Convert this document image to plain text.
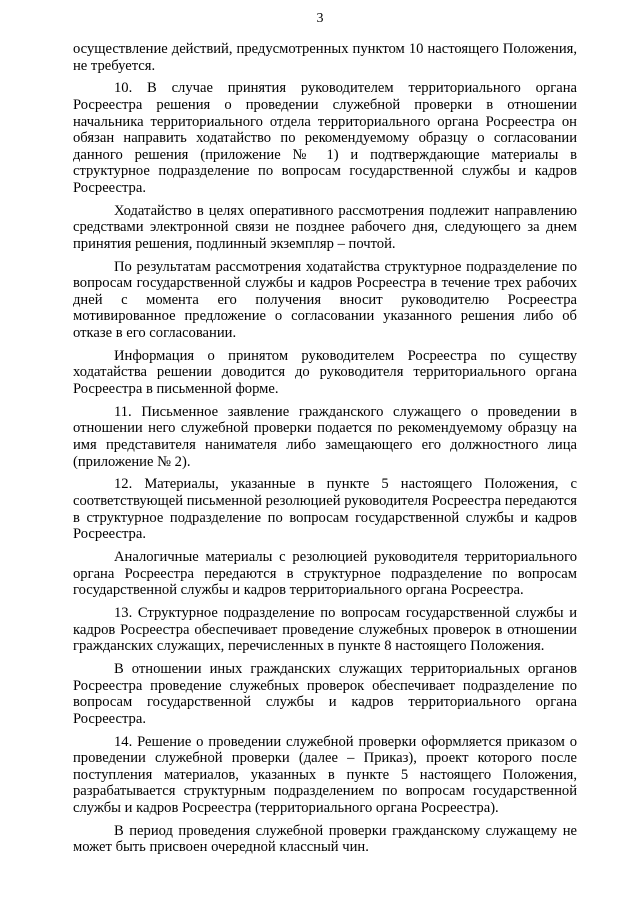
3

осуществление действий, предусмотренных пунктом 10 настоящего Положения, не требуется.

10. В случае принятия руководителем территориального органа Росреестра решения о проведении служебной проверки в отношении начальника территориального отдела территориального органа Росреестра он обязан направить ходатайство по рекомендуемому образцу о согласовании данного решения (приложение № 1) и подтверждающие материалы в структурное подразделение по вопросам государственной службы и кадров Росреестра.

Ходатайство в целях оперативного рассмотрения подлежит направлению средствами электронной связи не позднее рабочего дня, следующего за днем принятия решения, подлинный экземпляр – почтой.

По результатам рассмотрения ходатайства структурное подразделение по вопросам государственной службы и кадров Росреестра в течение трех рабочих дней с момента его получения вносит руководителю Росреестра мотивированное предложение о согласовании указанного решения либо об отказе в его согласовании.

Информация о принятом руководителем Росреестра по существу ходатайства решении доводится до руководителя территориального органа Росреестра в письменной форме.

11. Письменное заявление гражданского служащего о проведении в отношении него служебной проверки подается по рекомендуемому образцу на имя представителя нанимателя либо замещающего его должностного лица (приложение № 2).

12. Материалы, указанные в пункте 5 настоящего Положения, с соответствующей письменной резолюцией руководителя Росреестра передаются в структурное подразделение по вопросам государственной службы и кадров Росреестра.

Аналогичные материалы с резолюцией руководителя территориального органа Росреестра передаются в структурное подразделение по вопросам государственной службы и кадров территориального органа Росреестра.

13. Структурное подразделение по вопросам государственной службы и кадров Росреестра обеспечивает проведение служебных проверок в отношении гражданских служащих, перечисленных в пункте 8 настоящего Положения.

В отношении иных гражданских служащих территориальных органов Росреестра проведение служебных проверок обеспечивает подразделение по вопросам государственной службы и кадров территориального органа Росреестра.

14. Решение о проведении служебной проверки оформляется приказом о проведении служебной проверки (далее – Приказ), проект которого после поступления материалов, указанных в пункте 5 настоящего Положения, разрабатывается структурным подразделением по вопросам государственной службы и кадров Росреестра (территориального органа Росреестра).

В период проведения служебной проверки гражданскому служащему не может быть присвоен очередной классный чин.
